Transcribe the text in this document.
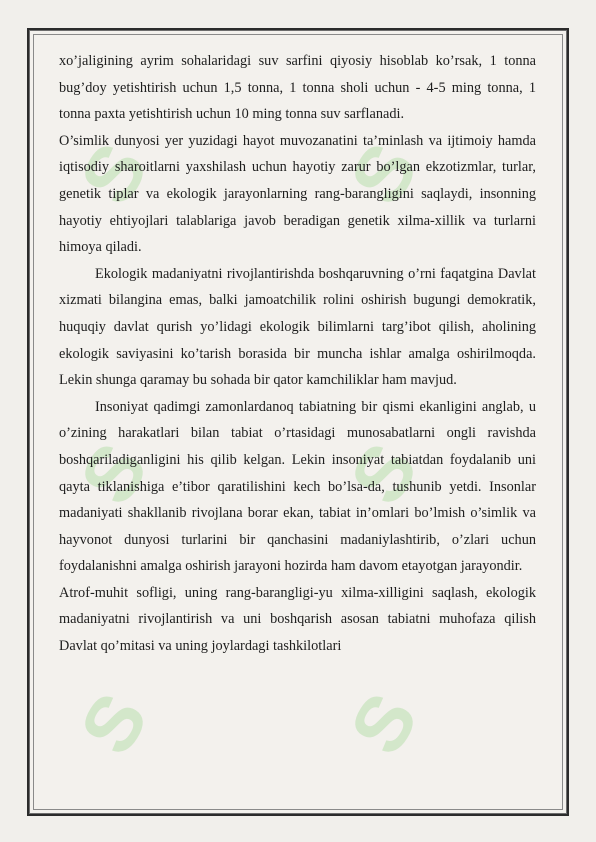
S S
S S
S S

xo’jaligining ayrim sohalaridagi suv sarfini qiyosiy hisoblab ko’rsak, 1 tonna bug’doy yetishtirish uchun 1,5 tonna, 1 tonna sholi uchun - 4-5 ming tonna, 1 tonna paxta yetishtirish uchun 10 ming tonna suv sarflanadi.

O’simlik dunyosi yer yuzidagi hayot muvozanatini ta’minlash va ijtimoiy hamda iqtisodiy sharoitlarni yaxshilash uchun hayotiy zarur bo’lgan ekzotizmlar, turlar, genetik tiplar va ekologik jarayonlarning rang-barangligini saqlaydi, insonning hayotiy ehtiyojlari talablariga javob beradigan genetik xilma-xillik va turlarni himoya qiladi.

Ekologik madaniyatni rivojlantirishda boshqaruvning o’rni faqatgina Davlat xizmati bilangina emas, balki jamoatchilik rolini oshirish bugungi demokratik, huquqiy davlat qurish yo’lidagi ekologik bilimlarni targ’ibot qilish, aholining ekologik saviyasini ko’tarish borasida bir muncha ishlar amalga oshirilmoqda. Lekin shunga qaramay bu sohada bir qator kamchiliklar ham mavjud.

Insoniyat qadimgi zamonlardanoq tabiatning bir qismi ekanligini anglab, u o’zining harakatlari bilan tabiat o’rtasidagi munosabatlarni ongli ravishda boshqariladiganligini his qilib kelgan. Lekin insoniyat tabiatdan foydalanib uni qayta tiklanishiga e’tibor qaratilishini kech bo’lsa-da, tushunib yetdi. Insonlar madaniyati shakllanib rivojlana borar ekan, tabiat in’omlari bo’lmish o’simlik va hayvonot dunyosi turlarini bir qanchasini madaniylashtirib, o’zlari uchun foydalanishni amalga oshirish jarayoni hozirda ham davom etayotgan jarayondir.

Atrof-muhit sofligi, uning rang-barangligi-yu xilma-xilligini saqlash, ekologik madaniyatni rivojlantirish va uni boshqarish asosan tabiatni muhofaza qilish Davlat qo’mitasi va uning joylardagi tashkilotlari
